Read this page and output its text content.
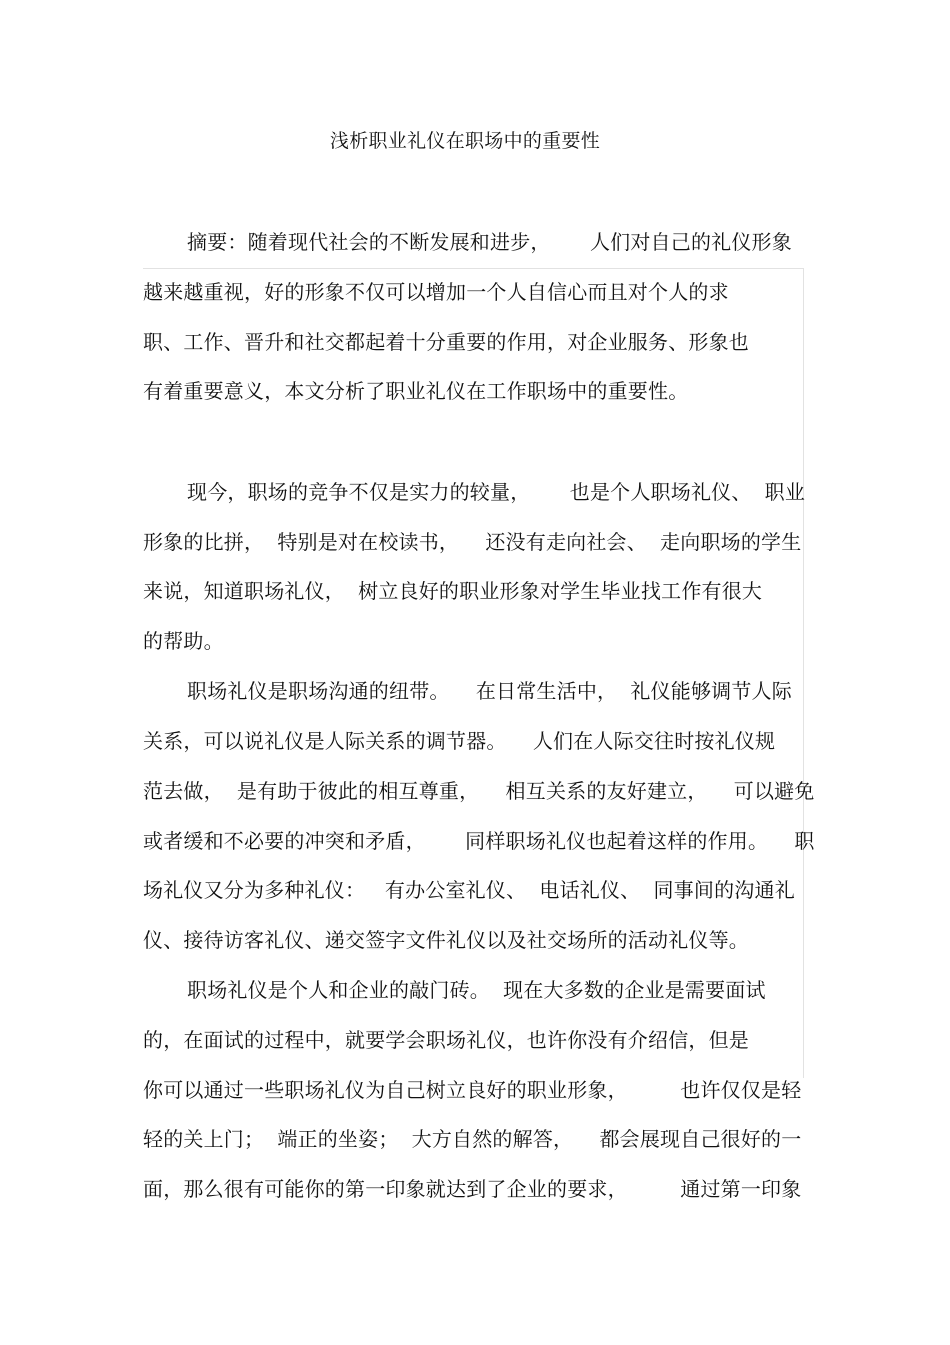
浅析职业礼仪在职场中的重要性
摘要：随着现代社会的不断发展和进步，      人们对自己的礼仪形象
越来越重视，好的形象不仅可以增加一个人自信心而且对个人的求
职、工作、晋升和社交都起着十分重要的作用，对企业服务、形象也
有着重要意义，本文分析了职业礼仪在工作职场中的重要性。
现今，职场的竞争不仅是实力的较量，      也是个人职场礼仪、  职业
形象的比拼，  特别是对在校读书，    还没有走向社会、  走向职场的学生
来说，知道职场礼仪，  树立良好的职业形象对学生毕业找工作有很大
的帮助。
职场礼仪是职场沟通的纽带。    在日常生活中，  礼仪能够调节人际
关系，可以说礼仪是人际关系的调节器。    人们在人际交往时按礼仪规
范去做，  是有助于彼此的相互尊重，    相互关系的友好建立，    可以避免
或者缓和不必要的冲突和矛盾，      同样职场礼仪也起着这样的作用。    职
场礼仪又分为多种礼仪：   有办公室礼仪、  电话礼仪、  同事间的沟通礼
仪、接待访客礼仪、递交签字文件礼仪以及社交场所的活动礼仪等。
职场礼仪是个人和企业的敲门砖。  现在大多数的企业是需要面试
的，在面试的过程中，就要学会职场礼仪，也许你没有介绍信，但是
你可以通过一些职场礼仪为自己树立良好的职业形象，        也许仅仅是轻
轻的关上门；  端正的坐姿；  大方自然的解答，    都会展现自己很好的一
面，那么很有可能你的第一印象就达到了企业的要求，        通过第一印象
